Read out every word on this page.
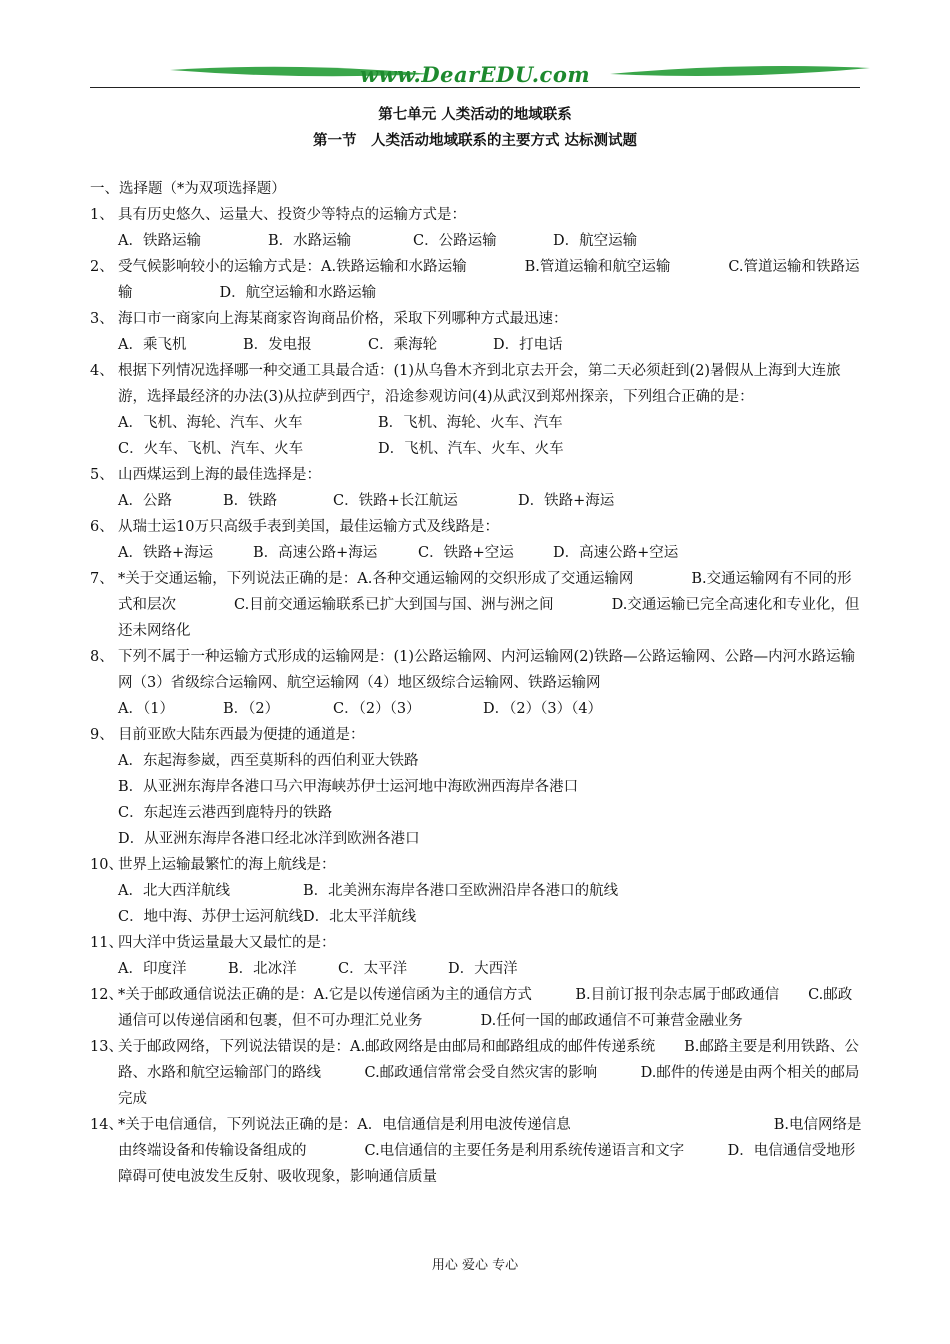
www.DearEDU.com
第七单元 人类活动的地域联系
第一节　人类活动地域联系的主要方式 达标测试题

一、选择题（*为双项选择题）

1、 具有历史悠久、运量大、投资少等特点的运输方式是：

A．铁路运输	B．水路运输	C．公路运输	D．航空运输

2、 受气候影响较小的运输方式是：A.铁路运输和水路运输　　　　B.管道运输和航空运输　　　　C.管道运输和铁路运输　　　　　　D．航空运输和水路运输

3、 海口市一商家向上海某商家咨询商品价格，采取下列哪种方式最迅速：

A．乘飞机	B．发电报	C．乘海轮	D．打电话

4、 根据下列情况选择哪一种交通工具最合适：(1)从乌鲁木齐到北京去开会，第二天必须赶到(2)暑假从上海到大连旅游，选择最经济的办法(3)从拉萨到西宁，沿途参观访问(4)从武汉到郑州探亲，下列组合正确的是：

A．飞机、海轮、汽车、火车	B．飞机、海轮、火车、汽车

C．火车、飞机、汽车、火车	D．飞机、汽车、火车、火车

5、 山西煤运到上海的最佳选择是：

A．公路	B．铁路	C．铁路+长江航运	D．铁路+海运

6、 从瑞士运10万只高级手表到美国，最佳运输方式及线路是：

A．铁路+海运	B．高速公路+海运	C．铁路+空运	D．高速公路+空运

7、 *关于交通运输，下列说法正确的是：A.各种交通运输网的交织形成了交通运输网　　　　B.交通运输网有不同的形式和层次　　　　C.目前交通运输联系已扩大到国与国、洲与洲之间　　　　D.交通运输已完全高速化和专业化，但还未网络化

8、 下列不属于一种运输方式形成的运输网是：(1)公路运输网、内河运输网(2)铁路—公路运输网、公路—内河水路运输网（3）省级综合运输网、航空运输网（4）地区级综合运输网、铁路运输网

A．（1）	B．（2）	C．（2）（3）	D．（2）（3）（4）

9、 目前亚欧大陆东西最为便捷的通道是：

A．东起海参崴，西至莫斯科的西伯利亚大铁路

B．从亚洲东海岸各港口马六甲海峡苏伊士运河地中海欧洲西海岸各港口

C．东起连云港西到鹿特丹的铁路

D．从亚洲东海岸各港口经北冰洋到欧洲各港口

10、世界上运输最繁忙的海上航线是：

A．北大西洋航线	B．北美洲东海岸各港口至欧洲沿岸各港口的航线

C．地中海、苏伊士运河航线D．北太平洋航线

11、四大洋中货运量最大又最忙的是：

A．印度洋	B．北冰洋	C．太平洋	D．大西洋

12、*关于邮政通信说法正确的是：A.它是以传递信函为主的通信方式　　　B.目前订报刊杂志属于邮政通信　　C.邮政通信可以传递信函和包裹，但不可办理汇兑业务　　　　D.任何一国的邮政通信不可兼营金融业务

13、关于邮政网络，下列说法错误的是：A.邮政网络是由邮局和邮路组成的邮件传递系统　　B.邮路主要是利用铁路、公路、水路和航空运输部门的路线　　　C.邮政通信常常会受自然灾害的影响　　　D.邮件的传递是由两个相关的邮局完成

14、*关于电信通信，下列说法正确的是：A．电信通信是利用电波传递信息　　　　　　　　　　　　　　B.电信网络是由终端设备和传输设备组成的　　　　C.电信通信的主要任务是利用系统传递语言和文字　　　D．电信通信受地形障碍可使电波发生反射、吸收现象，影响通信质量

用心 爱心 专心
